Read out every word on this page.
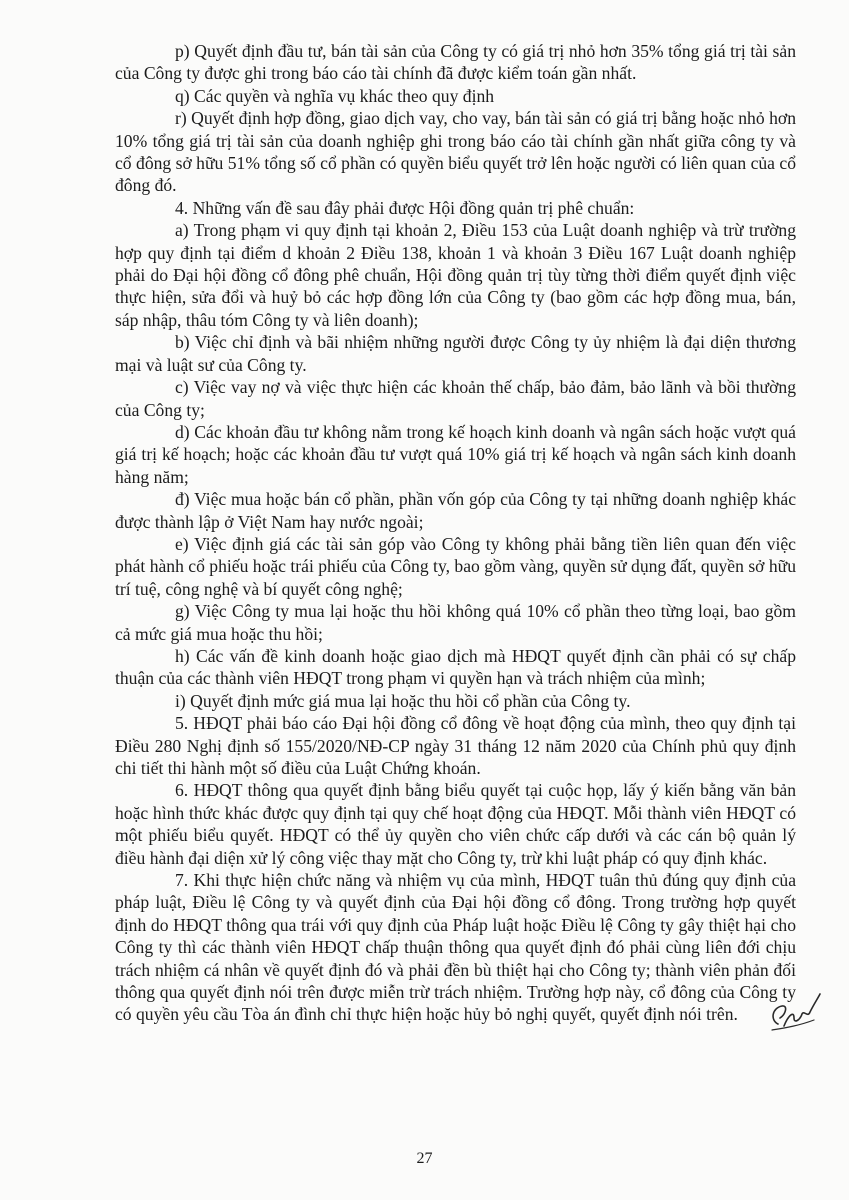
p) Quyết định đầu tư, bán tài sản của Công ty có giá trị nhỏ hơn 35% tổng giá trị tài sản của Công ty được ghi trong báo cáo tài chính đã được kiểm toán gần nhất.

q) Các quyền và nghĩa vụ khác theo quy định

r) Quyết định hợp đồng, giao dịch vay, cho vay, bán tài sản có giá trị bằng hoặc nhỏ hơn 10% tổng giá trị tài sản của doanh nghiệp ghi trong báo cáo tài chính gần nhất giữa công ty và cổ đông sở hữu 51% tổng số cổ phần có quyền biểu quyết trở lên hoặc người có liên quan của cổ đông đó.

4. Những vấn đề sau đây phải được Hội đồng quản trị phê chuẩn:

a) Trong phạm vi quy định tại khoản 2, Điều 153 của Luật doanh nghiệp và trừ trường hợp quy định tại điểm d khoản 2 Điều 138, khoản 1 và khoản 3 Điều 167 Luật doanh nghiệp phải do Đại hội đồng cổ đông phê chuẩn, Hội đồng quản trị tùy từng thời điểm quyết định việc thực hiện, sửa đổi và huỷ bỏ các hợp đồng lớn của Công ty (bao gồm các hợp đồng mua, bán, sáp nhập, thâu tóm Công ty và liên doanh);

b) Việc chỉ định và bãi nhiệm những người được Công ty ủy nhiệm là đại diện thương mại và luật sư của Công ty.

c) Việc vay nợ và việc thực hiện các khoản thế chấp, bảo đảm, bảo lãnh và bồi thường của Công ty;

d) Các khoản đầu tư không nằm trong kế hoạch kinh doanh và ngân sách hoặc vượt quá giá trị kế hoạch; hoặc các khoản đầu tư vượt quá 10% giá trị kế hoạch và ngân sách kinh doanh hàng năm;

đ) Việc mua hoặc bán cổ phần, phần vốn góp của Công ty tại những doanh nghiệp khác được thành lập ở Việt Nam hay nước ngoài;

e) Việc định giá các tài sản góp vào Công ty không phải bằng tiền liên quan đến việc phát hành cổ phiếu hoặc trái phiếu của Công ty, bao gồm vàng, quyền sử dụng đất, quyền sở hữu trí tuệ, công nghệ và bí quyết công nghệ;

g) Việc Công ty mua lại hoặc thu hồi không quá 10% cổ phần theo từng loại, bao gồm cả mức giá mua hoặc thu hồi;

h) Các vấn đề kinh doanh hoặc giao dịch mà HĐQT quyết định cần phải có sự chấp thuận của các thành viên HĐQT trong phạm vi quyền hạn và trách nhiệm của mình;

i) Quyết định mức giá mua lại hoặc thu hồi cổ phần của Công ty.

5. HĐQT phải báo cáo Đại hội đồng cổ đông về hoạt động của mình, theo quy định tại Điều 280 Nghị định số 155/2020/NĐ-CP ngày 31 tháng 12 năm 2020 của Chính phủ quy định chi tiết thi hành một số điều của Luật Chứng khoán.

6. HĐQT thông qua quyết định bằng biểu quyết tại cuộc họp, lấy ý kiến bằng văn bản hoặc hình thức khác được quy định tại quy chế hoạt động của HĐQT. Mỗi thành viên HĐQT có một phiếu biểu quyết. HĐQT có thể ủy quyền cho viên chức cấp dưới và các cán bộ quản lý điều hành đại diện xử lý công việc thay mặt cho Công ty, trừ khi luật pháp có quy định khác.

7. Khi thực hiện chức năng và nhiệm vụ của mình, HĐQT tuân thủ đúng quy định của pháp luật, Điều lệ Công ty và quyết định của Đại hội đồng cổ đông. Trong trường hợp quyết định do HĐQT thông qua trái với quy định của Pháp luật hoặc Điều lệ Công ty gây thiệt hại cho Công ty thì các thành viên HĐQT chấp thuận thông qua quyết định đó phải cùng liên đới chịu trách nhiệm cá nhân về quyết định đó và phải đền bù thiệt hại cho Công ty; thành viên phản đối thông qua quyết định nói trên được miễn trừ trách nhiệm. Trường hợp này, cổ đông của Công ty có quyền yêu cầu Tòa án đình chỉ thực hiện hoặc hủy bỏ nghị quyết, quyết định nói trên.

27
